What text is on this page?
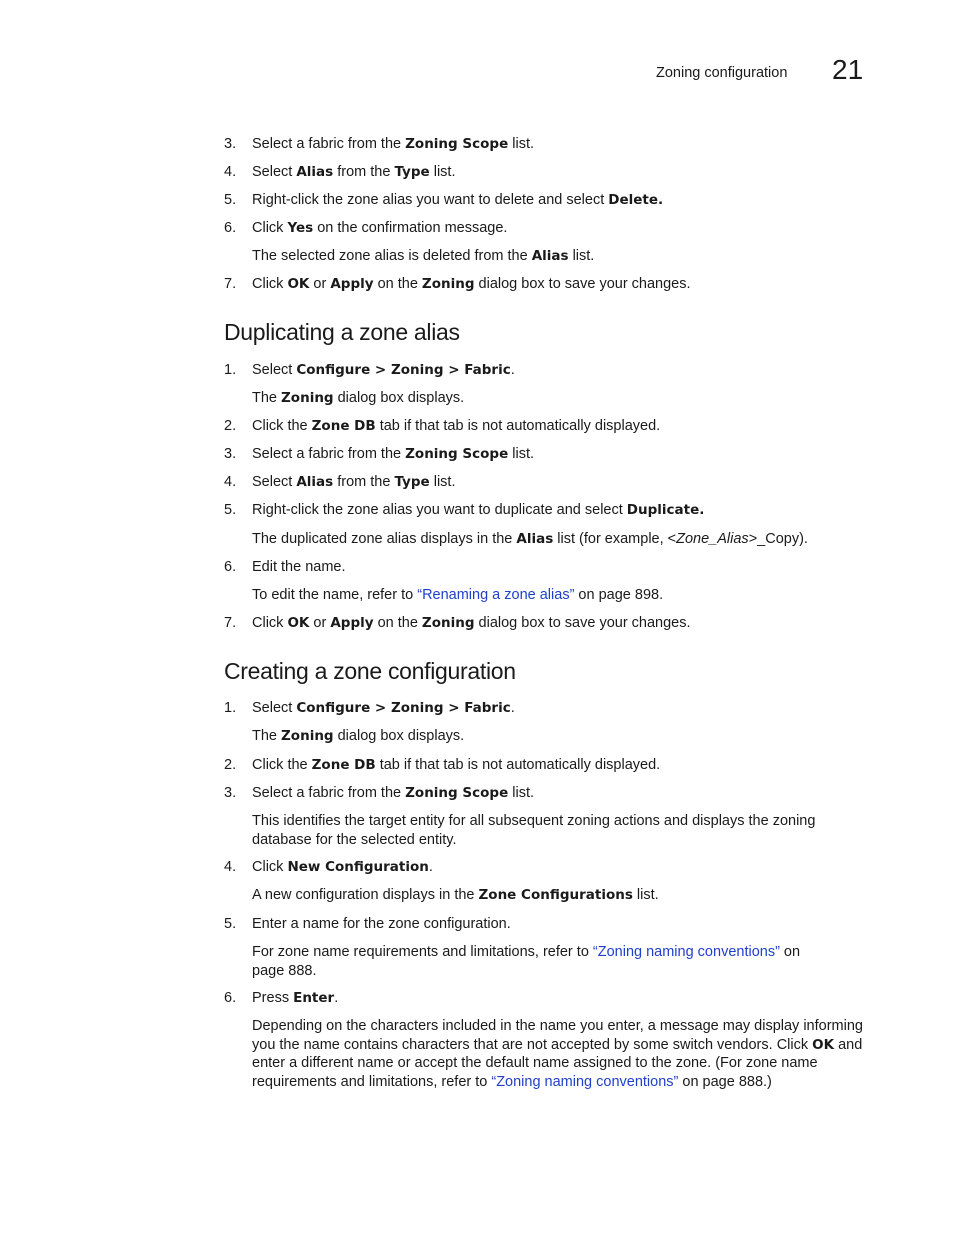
Zoning configuration 21
3. Select a fabric from the Zoning Scope list.
4. Select Alias from the Type list.
5. Right-click the zone alias you want to delete and select Delete.
6. Click Yes on the confirmation message.
The selected zone alias is deleted from the Alias list.
7. Click OK or Apply on the Zoning dialog box to save your changes.
Duplicating a zone alias
1. Select Configure > Zoning > Fabric.
The Zoning dialog box displays.
2. Click the Zone DB tab if that tab is not automatically displayed.
3. Select a fabric from the Zoning Scope list.
4. Select Alias from the Type list.
5. Right-click the zone alias you want to duplicate and select Duplicate.
The duplicated zone alias displays in the Alias list (for example, <Zone_Alias>_Copy).
6. Edit the name.
To edit the name, refer to “Renaming a zone alias” on page 898.
7. Click OK or Apply on the Zoning dialog box to save your changes.
Creating a zone configuration
1. Select Configure > Zoning > Fabric.
The Zoning dialog box displays.
2. Click the Zone DB tab if that tab is not automatically displayed.
3. Select a fabric from the Zoning Scope list.
This identifies the target entity for all subsequent zoning actions and displays the zoning database for the selected entity.
4. Click New Configuration.
A new configuration displays in the Zone Configurations list.
5. Enter a name for the zone configuration.
For zone name requirements and limitations, refer to “Zoning naming conventions” on page 888.
6. Press Enter.
Depending on the characters included in the name you enter, a message may display informing you the name contains characters that are not accepted by some switch vendors. Click OK and enter a different name or accept the default name assigned to the zone. (For zone name requirements and limitations, refer to “Zoning naming conventions” on page 888.)
